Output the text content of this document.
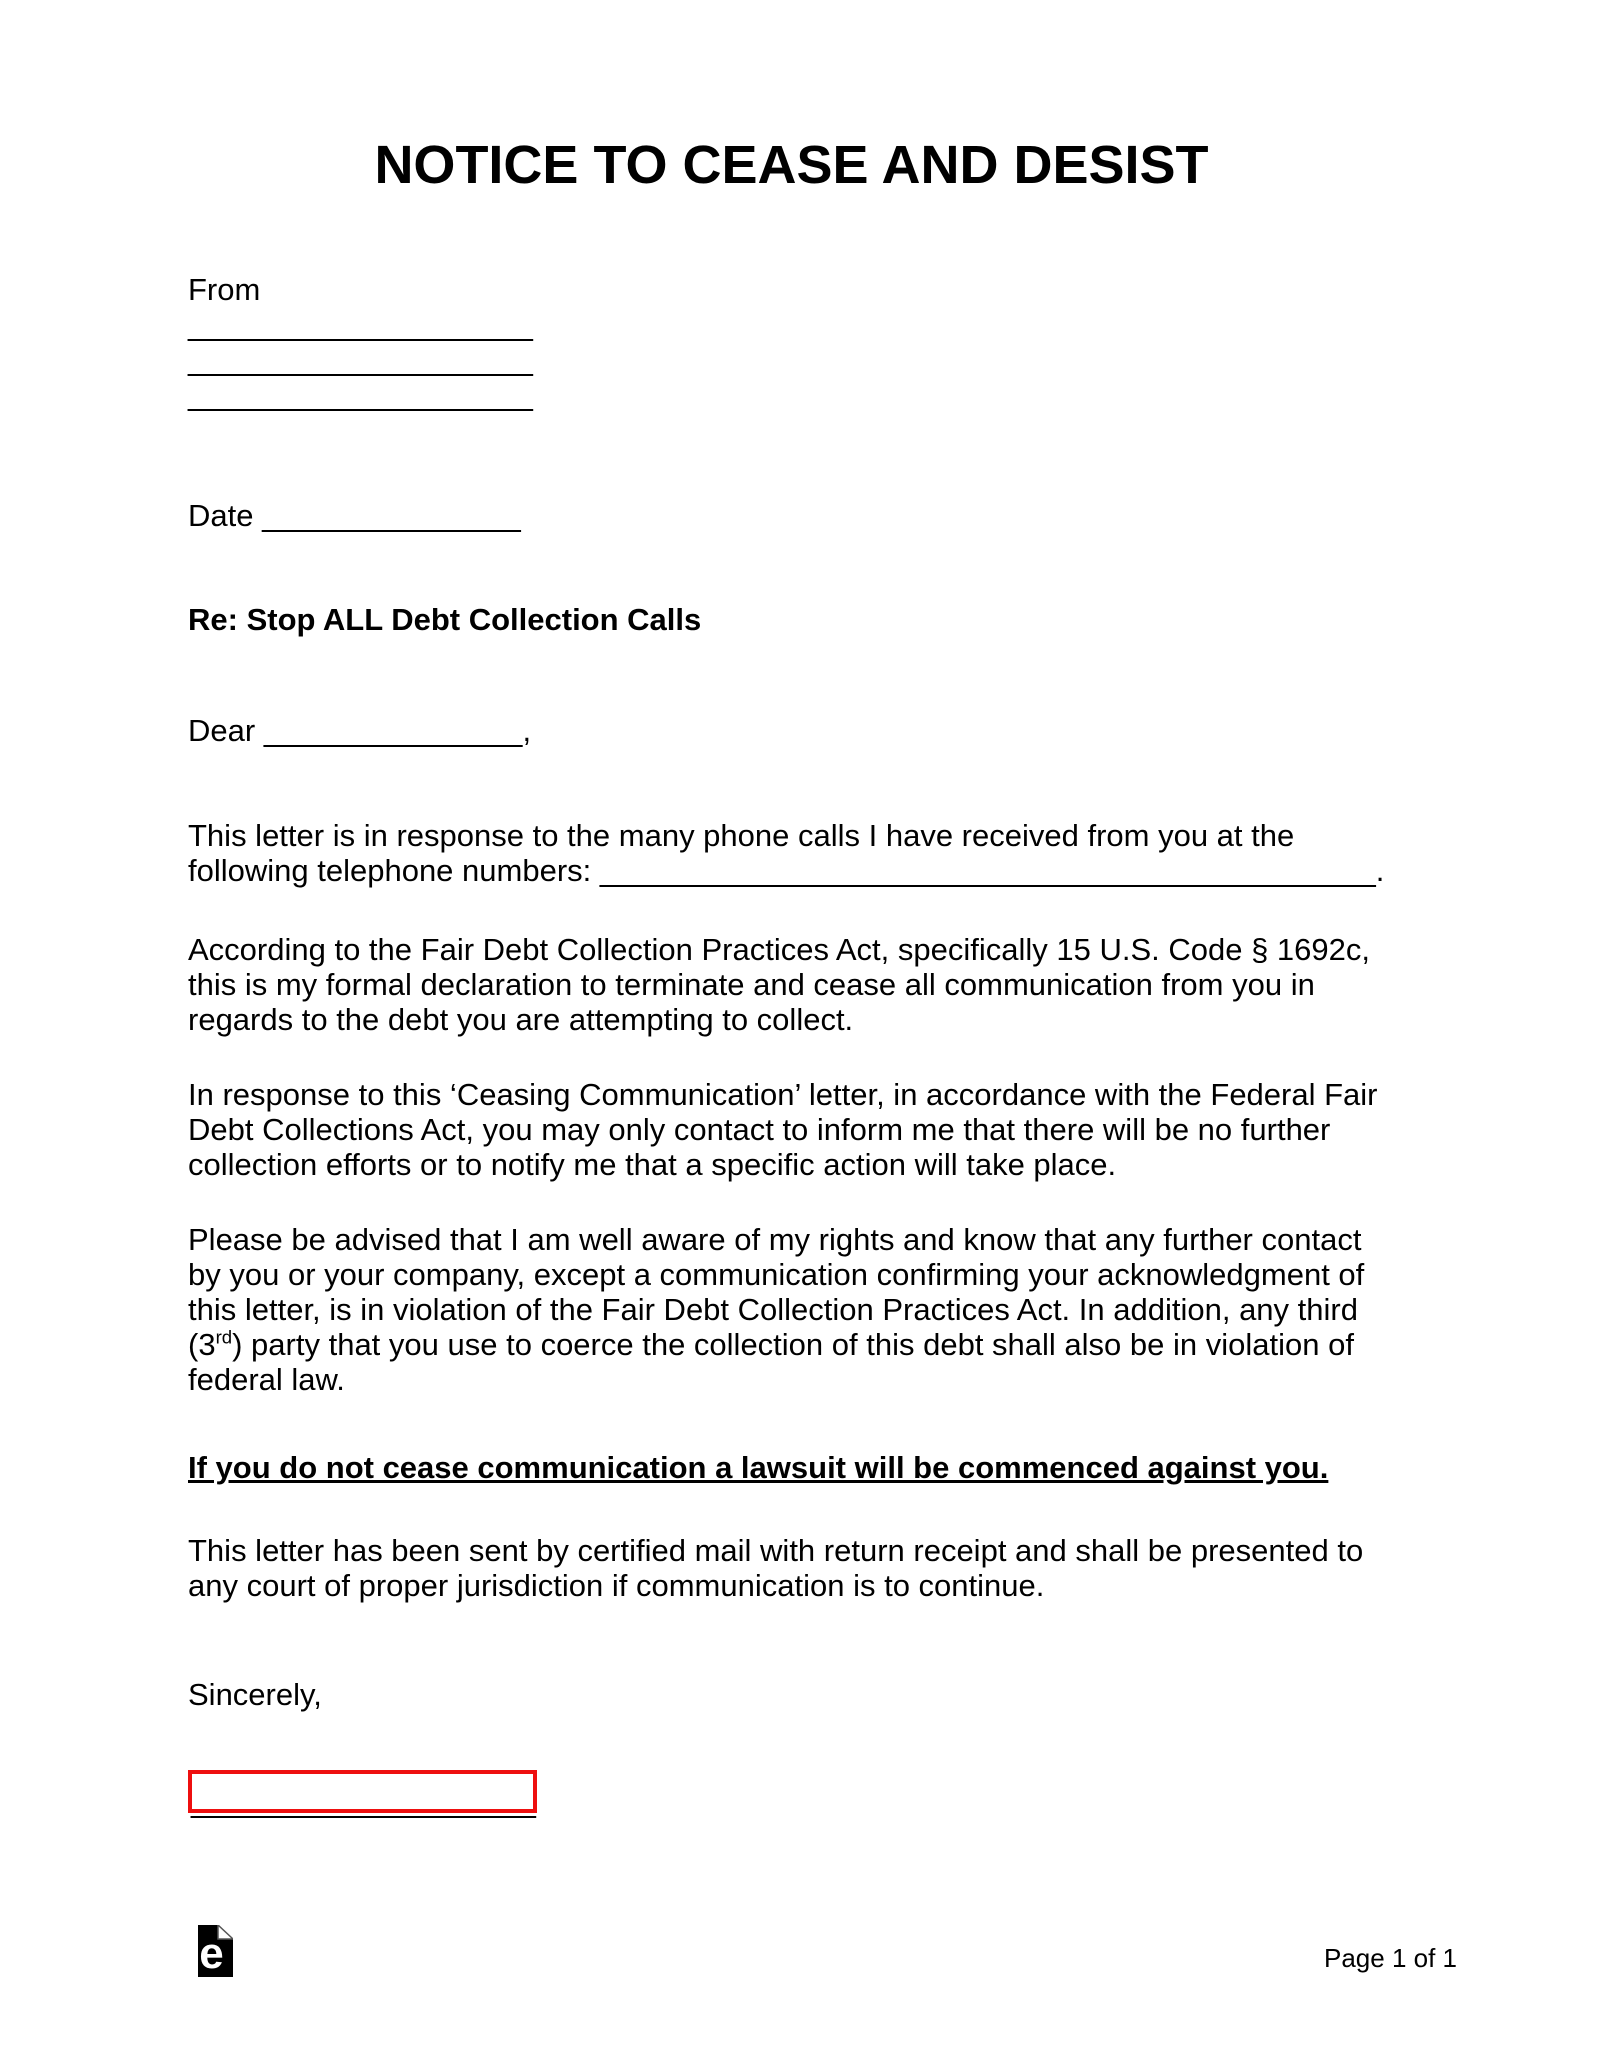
NOTICE TO CEASE AND DESIST
From
____________________
____________________
____________________
Date _______________
Re: Stop ALL Debt Collection Calls
Dear _______________,

This letter is in response to the many phone calls I have received from you at the following telephone numbers: _____________________________________________.

According to the Fair Debt Collection Practices Act, specifically 15 U.S. Code § 1692c, this is my formal declaration to terminate and cease all communication from you in regards to the debt you are attempting to collect.

In response to this ‘Ceasing Communication’ letter, in accordance with the Federal Fair Debt Collections Act, you may only contact to inform me that there will be no further collection efforts or to notify me that a specific action will take place.

Please be advised that I am well aware of my rights and know that any further contact by you or your company, except a communication confirming your acknowledgment of this letter, is in violation of the Fair Debt Collection Practices Act. In addition, any third (3rd) party that you use to coerce the collection of this debt shall also be in violation of federal law.

If you do not cease communication a lawsuit will be commenced against you.

This letter has been sent by certified mail with return receipt and shall be presented to any court of proper jurisdiction if communication is to continue.

Sincerely,
____________________
e	Page 1 of 1
